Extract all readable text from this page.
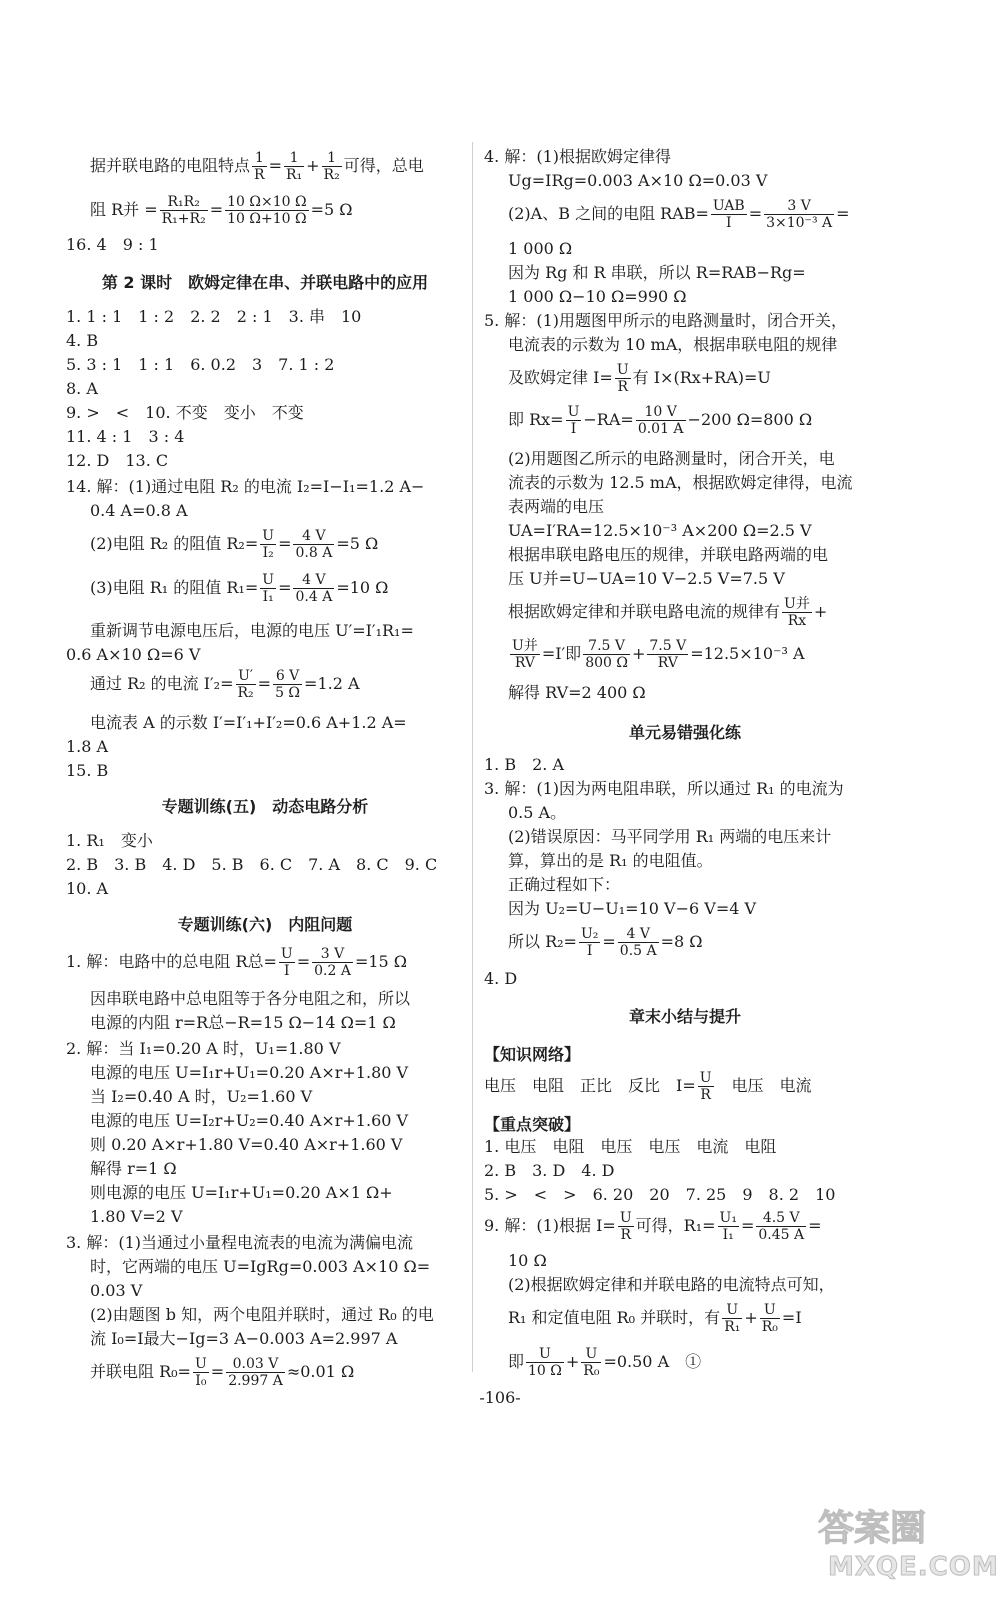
据并联电路的电阻特点 $\frac{1}{R} = \frac{1}{\text{R₁}} + \frac{1}{\text{R₂}}$ 可得，总电
阻 R并 = $\frac{\text{R₁R₂}}{\text{R₁+R₂}} = \frac{10 \Omega\times 10 \Omega}{10 \Omega+10 \Omega} =5$ Ω
16. 4　9 : 1
第 2 课时　欧姆定律在串、并联电路中的应用
1. 1 : 1　1 : 2　2. 2　2 : 1　3. 串　10
4. B
5. 3 : 1　1 : 1　6. 0.2　3　7. 1 : 2
8. A
9. >　<　10. 不变　变小　不变
11. 4 : 1　3 : 4
12. D　13. C
14. 解：(1)通过电阻 R₂ 的电流 I₂=I−I₁=1.2 A−
0.4 A=0.8 A
(2)电阻 R₂ 的阻值 $R_2= \frac{U}{\text{I₂}} = \frac{4 V}{0.8 A} =5$ Ω
(3)电阻 R₁ 的阻值 $R_1= \frac{U}{\text{I₁}} = \frac{4 V}{0.4 A} =10$ Ω
重新调节电源电压后，电源的电压 U′=I′₁R₁=
0.6 A×10 Ω=6 V
通过 R₂ 的电流 $I'_2= \frac{U'}{\text{R₂}} = \frac{6 V}{5 \Omega} =1.2$ A
电流表 A 的示数 I′=I′₁+I′₂=0.6 A+1.2 A=
1.8 A
15. B
专题训练(五)　动态电路分析
1. R₁　变小
2. B　3. B　4. D　5. B　6. C　7. A　8. C　9. C
10. A
专题训练(六)　内阻问题
1. 解：电路中的总电阻 R总= $\frac{U}{I} = \frac{3 V}{0.2 A} =15$ Ω
因串联电路中总电阻等于各分电阻之和，所以
电源的内阻 r=R总−R=15 Ω−14 Ω=1 Ω
2. 解：当 I₁=0.20 A 时，U₁=1.80 V
电源的电压 U=I₁r+U₁=0.20 A×r+1.80 V
当 I₂=0.40 A 时，U₂=1.60 V
电源的电压 U=I₂r+U₂=0.40 A×r+1.60 V
则 0.20 A×r+1.80 V=0.40 A×r+1.60 V
解得 r=1 Ω
则电源的电压 U=I₁r+U₁=0.20 A×1 Ω+
1.80 V=2 V
3. 解：(1)当通过小量程电流表的电流为满偏电流
时，它两端的电压 U=IgRg=0.003 A×10 Ω=
0.03 V
(2)由题图 b 知，两个电阻并联时，通过 R₀ 的电
流 I₀=I最大−Ig=3 A−0.003 A=2.997 A
并联电阻 $R_0= \frac{U}{\text{I₀}} = \frac{0.03 V}{2.997 A} \approx 0.01$ Ω
4. 解：(1)根据欧姆定律得
Ug=IRg=0.003 A×10 Ω=0.03 V
(2)A、B 之间的电阻 $RAB= \frac{\text{UAB}}{I} = \frac{3 V}{\text{3×10⁻³ A}}$ =
1 000 Ω
因为 Rg 和 R 串联，所以 R=RAB−Rg=
1 000 Ω−10 Ω=990 Ω
5. 解：(1)用题图甲所示的电路测量时，闭合开关，
电流表的示数为 10 mA，根据串联电阻的规律
及欧姆定律 $I= \frac{U}{R}$ 有 I×(Rx+RA)=U
即 $Rx= \frac{U}{I} -RA= \frac{10 V}{0.01 A} -200$ Ω=800 Ω
(2)用题图乙所示的电路测量时，闭合开关，电
流表的示数为 12.5 mA，根据欧姆定律得，电流
表两端的电压
UA=I′RA=12.5×10⁻³ A×200 Ω=2.5 V
根据串联电路电压的规律，并联电路两端的电
压 U并=U−UA=10 V−2.5 V=7.5 V
根据欧姆定律和并联电路电流的规律有 $\frac{\text{U并}}{Rx}$ +
$\frac{\text{U并}}{RV} =I'$即 $\frac{7.5 V}{800 \Omega} + \frac{7.5 V}{RV} =12.5\times 10^{-3}$ A
解得 RV=2 400 Ω
单元易错强化练
1. B　2. A
3. 解：(1)因为两电阻串联，所以通过 R₁ 的电流为
0.5 A。
(2)错误原因：马平同学用 R₁ 两端的电压来计
算，算出的是 R₁ 的电阻值。
正确过程如下：
因为 U₂=U−U₁=10 V−6 V=4 V
所以 $R_2= \frac{\text{U₂}}{I} = \frac{4 V}{0.5 A} =8$ Ω
4. D
章末小结与提升
【知识网络】
电压　电阻　正比　反比　$I= \frac{U}{R}$ 　电压　电流
【重点突破】
1. 电压　电阻　电压　电压　电流　电阻
2. B　3. D　4. D
5. >　<　>　6. 20　20　7. 25　9　8. 2　10
9. 解：(1)根据 $I= \frac{U}{R}$ 可得，$R_1= \frac{\text{U₁}}{\text{I₁}} = \frac{4.5 V}{0.45 A}$ =
10 Ω
(2)根据欧姆定律和并联电路的电流特点可知，
R₁ 和定值电阻 R₀ 并联时，有 $\frac{U}{\text{R₁}} + \frac{U}{\text{R₀}} =I$
即 $\frac{U}{10 \Omega} + \frac{U}{\text{R₀}} =0.50$ A　①
-106-
答案圈
MXQE.COM
